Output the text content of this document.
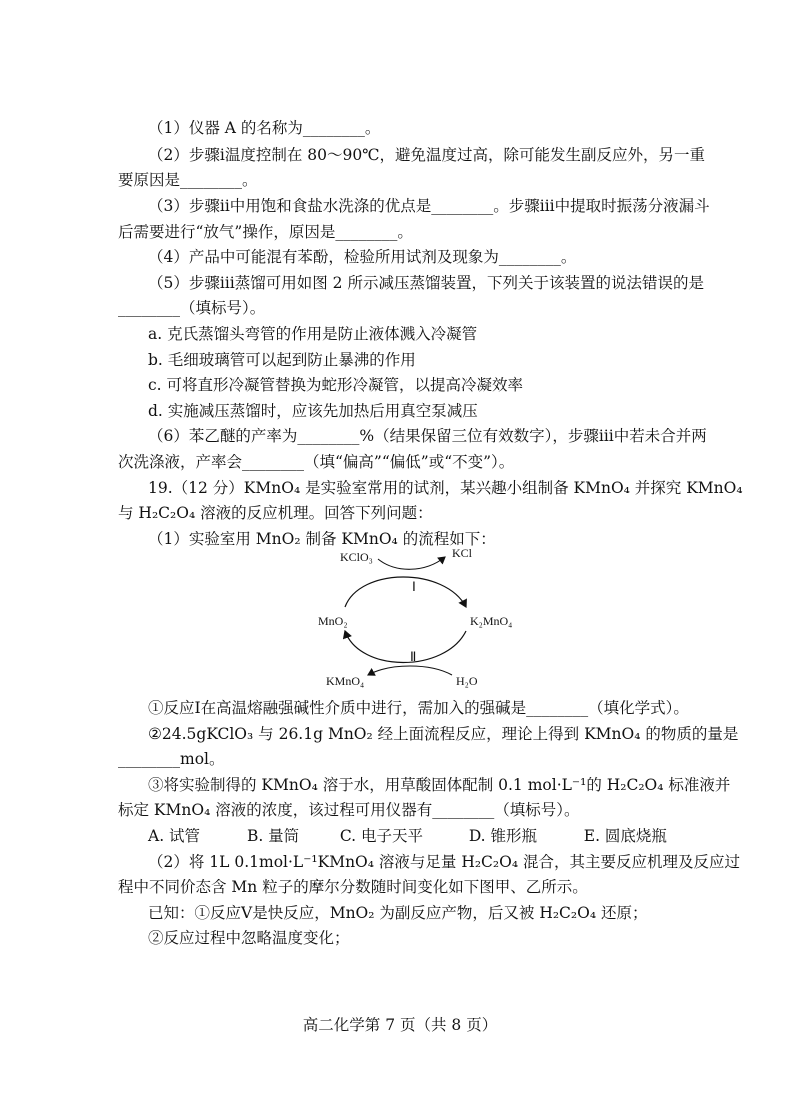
（1）仪器 A 的名称为________。
（2）步骤ⅰ温度控制在 80～90℃，避免温度过高，除可能发生副反应外，另一重
要原因是________。
（3）步骤ⅱ中用饱和食盐水洗涤的优点是________。步骤ⅲ中提取时振荡分液漏斗
后需要进行“放气”操作，原因是________。
（4）产品中可能混有苯酚，检验所用试剂及现象为________。
（5）步骤ⅲ蒸馏可用如图 2 所示减压蒸馏装置，下列关于该装置的说法错误的是
________（填标号）。
a. 克氏蒸馏头弯管的作用是防止液体溅入冷凝管
b. 毛细玻璃管可以起到防止暴沸的作用
c. 可将直形冷凝管替换为蛇形冷凝管，以提高冷凝效率
d. 实施减压蒸馏时，应该先加热后用真空泵减压
（6）苯乙醚的产率为________%（结果保留三位有效数字），步骤ⅲ中若未合并两
次洗涤液，产率会________（填“偏高”“偏低”或“不变”）。
19.（12 分）KMnO₄ 是实验室常用的试剂，某兴趣小组制备 KMnO₄ 并探究 KMnO₄
与 H₂C₂O₄ 溶液的反应机理。回答下列问题：
（1）实验室用 MnO₂ 制备 KMnO₄ 的流程如下：
KClO₃	KCl
Ⅰ
MnO₂	K₂MnO₄
Ⅱ
KMnO₄	H₂O
①反应Ⅰ在高温熔融强碱性介质中进行，需加入的强碱是________（填化学式）。
②24.5gKClO₃ 与 26.1g MnO₂ 经上面流程反应，理论上得到 KMnO₄ 的物质的量是
________mol。
③将实验制得的 KMnO₄ 溶于水，用草酸固体配制 0.1 mol·L⁻¹的 H₂C₂O₄ 标准液并
标定 KMnO₄ 溶液的浓度，该过程可用仪器有________（填标号）。
A. 试管	B. 量筒	C. 电子天平	D. 锥形瓶	E. 圆底烧瓶
（2）将 1L 0.1mol·L⁻¹KMnO₄ 溶液与足量 H₂C₂O₄ 混合，其主要反应机理及反应过
程中不同价态含 Mn 粒子的摩尔分数随时间变化如下图甲、乙所示。
已知：①反应Ⅴ是快反应，MnO₂ 为副反应产物，后又被 H₂C₂O₄ 还原；
②反应过程中忽略温度变化；
高二化学第 7 页（共 8 页）
